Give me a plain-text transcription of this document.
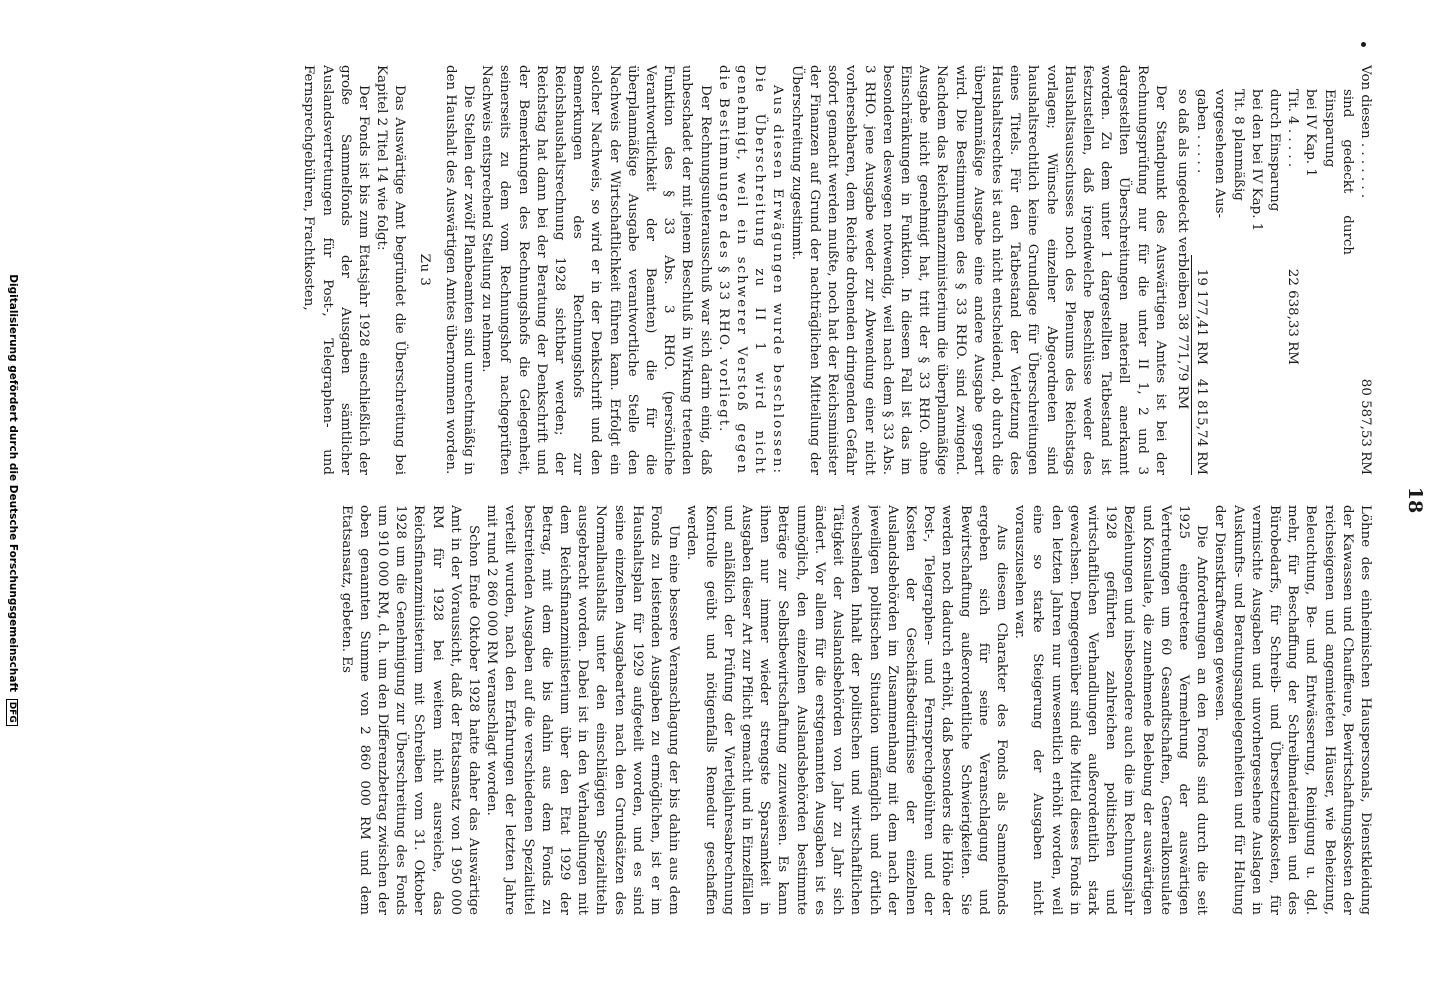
18
Von diesen . . . . . . .		80 587,53 RM
sind gedeckt durch Einsparung		
bei IV Kap. 1		
Tit. 4 . . . . .	22 638,33 RM	
durch Einsparung		
bei den bei IV Kap. 1		
Tit. 8 planmäßig		
vorgesehenen Aus-		
gaben . . . . .	19 177,41 RM	41 815,74 RM
so daß als ungedeckt verbleiben 38 771,79 RM		

Der Standpunkt des Auswärtigen Amtes ist bei der Rechnungsprüfung nur für die unter II 1, 2 und 3 dargestellten Überschreitungen materiell anerkannt worden. Zu dem unter 1 dargestellten Tatbestand ist festzustellen, daß irgendwelche Beschlüsse weder des Haushaltsausschusses noch des Plenums des Reichstags vorlagen; Wünsche einzelner Abgeordneten sind haushaltsrechtlich keine Grundlage für Überschreitungen eines Titels. Für den Tatbestand der Verletzung des Haushaltsrechtes ist auch nicht entscheidend, ob durch die überplanmäßige Ausgabe eine andere Ausgabe gespart wird. Die Bestimmungen des § 33 RHO. sind zwingend. Nachdem das Reichsfinanzministerium die überplanmäßige Ausgabe nicht genehmigt hat, tritt der § 33 RHO. ohne Einschränkungen in Funktion. In diesem Fall ist das im besonderen deswegen notwendig, weil nach dem § 33 Abs. 3 RHO. jene Ausgabe weder zur Abwendung einer nicht vorhersehbaren, dem Reiche drohenden dringenden Gefahr sofort gemacht werden mußte, noch hat der Reichsminister der Finanzen auf Grund der nachträglichen Mitteilung der Überschreitung zugestimmt.

Aus diesen Erwägungen wurde beschlossen: Die Überschreitung zu II 1 wird nicht genehmigt, weil ein schwerer Verstoß gegen die Bestimmungen des § 33 RHO. vorliegt.

Der Rechnungsunterausschuß war sich darin einig, daß unbeschadet der mit jenem Beschluß in Wirkung tretenden Funktion des § 33 Abs. 3 RHO. (persönliche Verantwortlichkeit der Beamten) die für die überplanmäßige Ausgabe verantwortliche Stelle den Nachweis der Wirtschaftlichkeit führen kann. Erfolgt ein solcher Nachweis, so wird er in der Denkschrift und den Bemerkungen des Rechnungshofs zur Reichshaushaltsrechnung 1928 sichtbar werden; der Reichstag hat dann bei der Beratung der Denkschrift und der Bemerkungen des Rechnungshofs die Gelegenheit, seinerseits zu dem vom Rechnungshof nachgeprüften Nachweis entsprechend Stellung zu nehmen.

Die Stellen der zwölf Planbeamten sind unrechtmäßig in den Haushalt des Auswärtigen Amtes übernommen worden.

Zu 3

Das Auswärtige Amt begründet die Überschreitung bei Kapitel 2 Titel 14 wie folgt:

Der Fonds ist bis zum Etatsjahr 1928 einschließlich der große Sammelfonds der Ausgaben sämtlicher Auslandsvertretungen für Post-, Telegraphen- und Fernsprechgebühren, Frachtkosten,

Löhne des einheimischen Hauspersonals, Dienstkleidung der Kawassen und Chauffeure, Bewirtschaftungskosten der reichseigenen und angemieteten Häuser, wie Beheizung, Beleuchtung, Be- und Entwässerung, Reinigung u. dgl. mehr, für Beschaffung der Schreibmaterialien und des Bürobedarfs, für Schreib- und Übersetzungskosten, für vermischte Ausgaben und unvorhergesehene Auslagen in Auskunfts- und Beratungsangelegenheiten und für Haltung der Dienstkraftwagen gewesen.

Die Anforderungen an den Fonds sind durch die seit 1925 eingetretene Vermehrung der auswärtigen Vertretungen um 60 Gesandtschaften, Generalkonsulate und Konsulate, die zunehmende Belebung der auswärtigen Beziehungen und insbesondere auch die im Rechnungsjahr 1928 geführten zahlreichen politischen und wirtschaftlichen Verhandlungen außerordentlich stark gewachsen. Demgegenüber sind die Mittel dieses Fonds in den letzten Jahren nur unwesentlich erhöht worden, weil eine so starke Steigerung der Ausgaben nicht vorauszusehen war.

Aus diesem Charakter des Fonds als Sammelfonds ergeben sich für seine Veranschlagung und Bewirtschaftung außerordentliche Schwierigkeiten. Sie werden noch dadurch erhöht, daß besonders die Höhe der Post-, Telegraphen- und Fernsprechgebühren und der Kosten der Geschäftsbedürfnisse der einzelnen Auslandsbehörden im Zusammenhang mit dem nach der jeweiligen politischen Situation umfänglich und örtlich wechselnden Inhalt der politischen und wirtschaftlichen Tätigkeit der Auslandsbehörden von Jahr zu Jahr sich ändert. Vor allem für die erstgenannten Ausgaben ist es unmöglich, den einzelnen Auslandsbehörden bestimmte Beträge zur Selbstbewirtschaftung zuzuweisen. Es kann ihnen nur immer wieder strengste Sparsamkeit in Ausgaben dieser Art zur Pflicht gemacht und in Einzelfällen und anläßlich der Prüfung der Vierteljahresabrechnung Kontrolle geübt und nötigenfalls Remedur geschaffen werden.

Um eine bessere Veranschlagung der bis dahin aus dem Fonds zu leistenden Ausgaben zu ermöglichen, ist er im Haushaltsplan für 1929 aufgeteilt worden, und es sind seine einzelnen Ausgabearten nach den Grundsätzen des Normalhaushalts unter den einschlägigen Spezialtiteln ausgebracht worden. Dabei ist in den Verhandlungen mit dem Reichsfinanzministerium über den Etat 1929 der Betrag, mit dem die bis dahin aus dem Fonds zu bestreitenden Ausgaben auf die verschiedenen Spezialtitel verteilt wurden, nach den Erfahrungen der letzten Jahre mit rund 2 860 000 RM veranschlagt worden.

Schon Ende Oktober 1928 hatte daher das Auswärtige Amt in der Voraussicht, daß der Etatsansatz von 1 950 000 RM für 1928 bei weitem nicht ausreiche, das Reichsfinanzministerium mit Schreiben vom 31. Oktober 1928 um die Genehmigung zur Überschreitung des Fonds um 910 000 RM, d. h. um den Differenzbetrag zwischen der oben genannten Summe von 2 860 000 RM und dem Etatsansatz, gebeten. Es

Digitalisierung gefördert durch die Deutsche Forschungsgemeinschaft DFG
